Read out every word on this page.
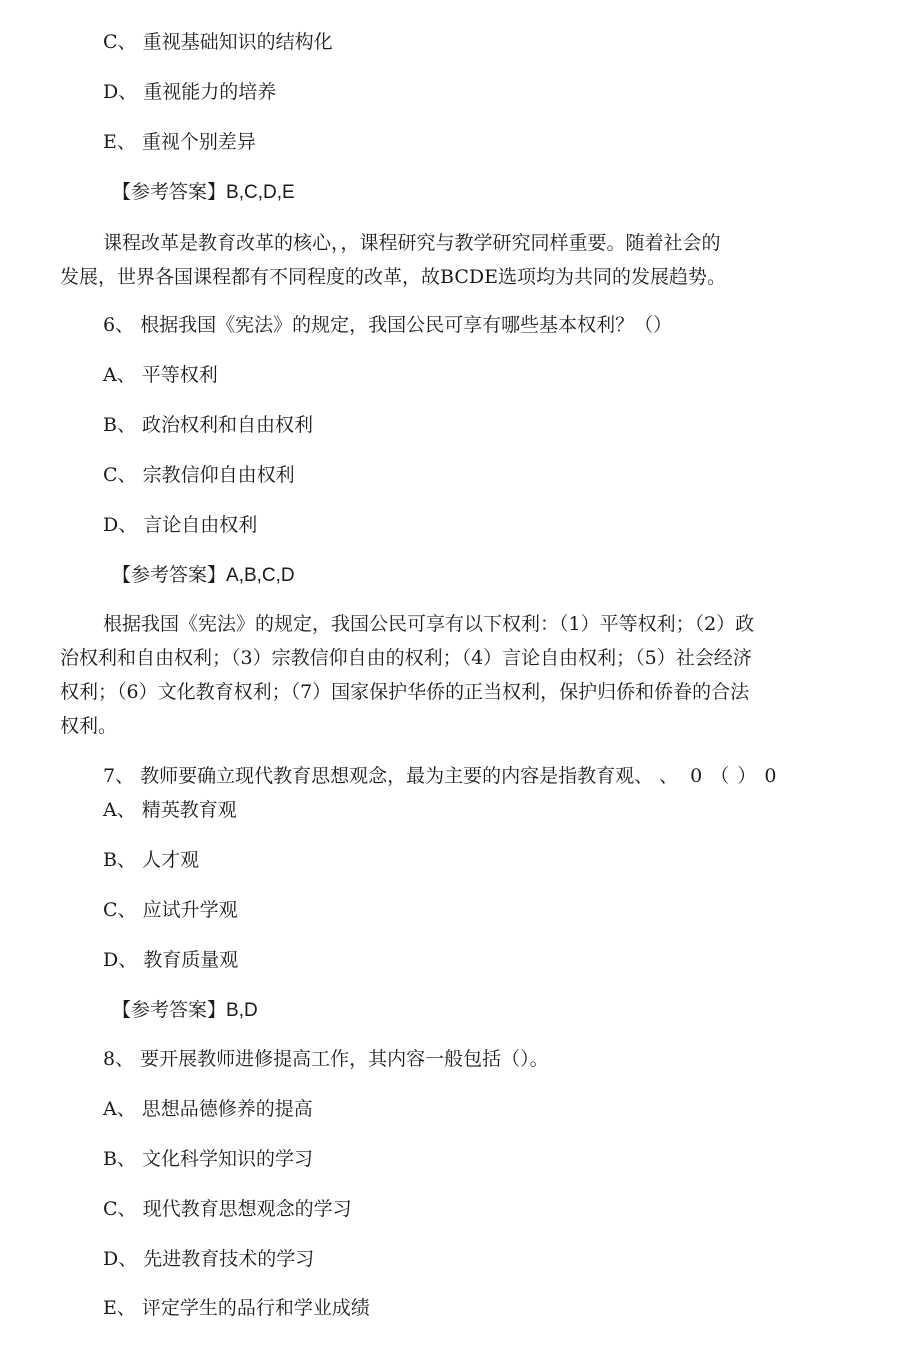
C、 重视基础知识的结构化
D、 重视能力的培养
E、 重视个别差异
【参考答案】B,C,D,E
课程改革是教育改革的核心，，课程研究与教学研究同样重要。随着社会的
发展，世界各国课程都有不同程度的改革，故BCDE选项均为共同的发展趋势。
6、 根据我国《宪法》的规定，我国公民可享有哪些基本权利？（）
A、 平等权利
B、 政治权利和自由权利
C、 宗教信仰自由权利
D、 言论自由权利
【参考答案】A,B,C,D
根据我国《宪法》的规定，我国公民可享有以下权利：（1）平等权利；（2）政
治权利和自由权利；（3）宗教信仰自由的权利；（4）言论自由权利；（5）社会经济
权利；（6）文化教育权利；（7）国家保护华侨的正当权利，保护归侨和侨眷的合法
权利。
7、 教师要确立现代教育思想观念，最为主要的内容是指教育观、 、 0 （ ） 0
A、 精英教育观
B、 人才观
C、 应试升学观
D、 教育质量观
【参考答案】B,D
8、 要开展教师进修提高工作，其内容一般包括（）。
A、 思想品德修养的提高
B、 文化科学知识的学习
C、 现代教育思想观念的学习
D、 先进教育技术的学习
E、 评定学生的品行和学业成绩
